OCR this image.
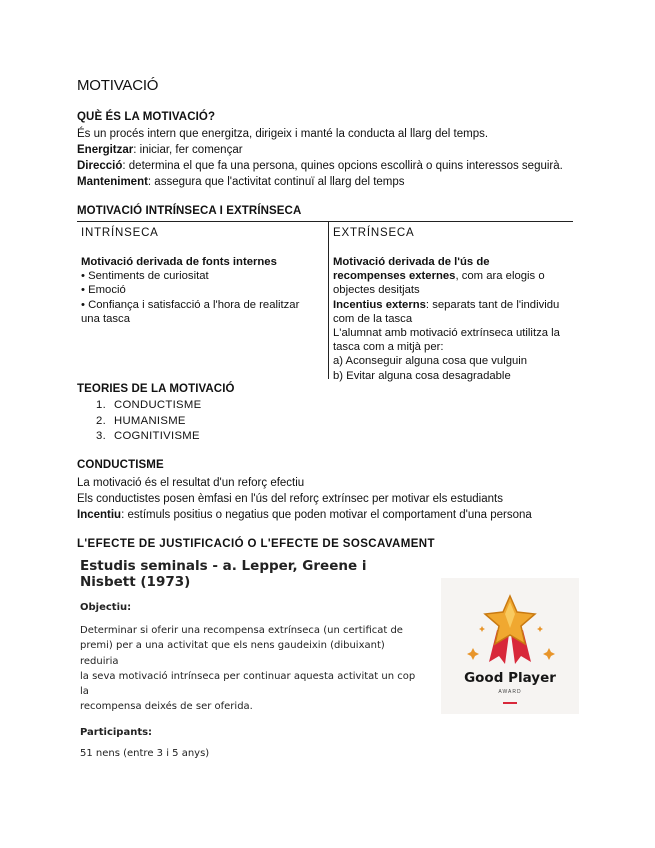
MOTIVACIÓ
QUÈ ÉS LA MOTIVACIÓ?
És un procés intern que energitza, dirigeix i manté la conducta al llarg del temps.
Energitzar: iniciar, fer començar
Direcció: determina el que fa una persona, quines opcions escollirà o quins interessos seguirà.
Manteniment: assegura que l'activitat continuï al llarg del temps
MOTIVACIÓ INTRÍNSECA I EXTRÍNSECA
INTRÍNSECA	EXTRÍNSECA
Motivació derivada de fonts internes
• Sentiments de curiositat
• Emoció
• Confiança i satisfacció a l'hora de realitzar
una tasca
Motivació derivada de l'ús de
recompenses externes, com ara elogis o
objectes desitjats
Incentius externs: separats tant de l'individu
com de la tasca
L'alumnat amb motivació extrínseca utilitza la
tasca com a mitjà per:
a) Aconseguir alguna cosa que vulguin
b) Evitar alguna cosa desagradable
TEORIES DE LA MOTIVACIÓ
1. CONDUCTISME
2. HUMANISME
3. COGNITIVISME
CONDUCTISME
La motivació és el resultat d'un reforç efectiu
Els conductistes posen èmfasi en l'ús del reforç extrínsec per motivar els estudiants
Incentiu: estímuls positius o negatius que poden motivar el comportament d'una persona
L'EFECTE DE JUSTIFICACIÓ O L'EFECTE DE SOSCAVAMENT
Estudis seminals - a. Lepper, Greene i Nisbett (1973)
Objectiu:
Determinar si oferir una recompensa extrínseca (un certificat de
premi) per a una activitat que els nens gaudeixin (dibuixant) reduiria
la seva motivació intrínseca per continuar aquesta activitat un cop la
recompensa deixés de ser oferida.
Participants:
51 nens (entre 3 i 5 anys)
Good Player
AWARD
